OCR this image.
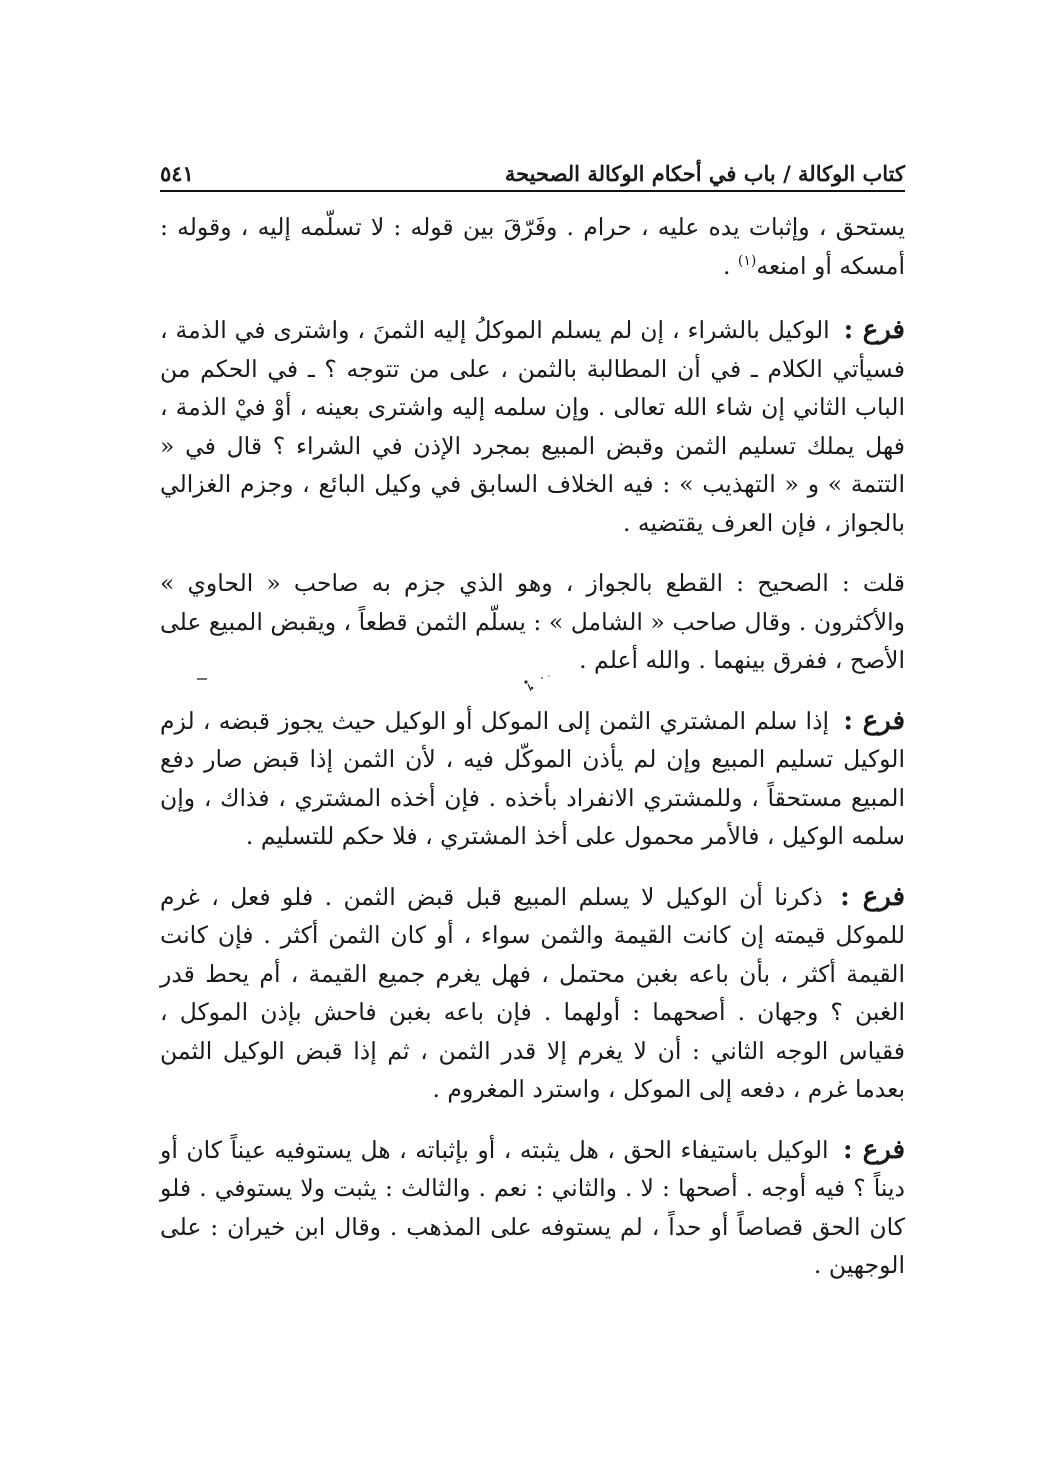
كتاب الوكالة / باب في أحكام الوكالة الصحيحة
٥٤١

يستحق ، وإثبات يده عليه ، حرام . وفَرّقَ بين قوله : لا تسلّمه إليه ، وقوله : أمسكه أو امنعه$^{(١)}$ .

فرع : الوكيل بالشراء ، إن لم يسلم الموكلُ إليه الثمنَ ، واشترى في الذمة ، فسيأتي الكلام ـ في أن المطالبة بالثمن ، على من تتوجه ؟ ـ في الحكم من الباب الثاني إن شاء الله تعالى . وإن سلمه إليه واشترى بعينه ، أوْ فيْ الذمة ، فهل يملك تسليم الثمن وقبض المبيع بمجرد الإذن في الشراء ؟ قال في « التتمة » و « التهذيب » : فيه الخلاف السابق في وكيل البائع ، وجزم الغزالي بالجواز ، فإن العرف يقتضيه .

قلت : الصحيح : القطع بالجواز ، وهو الذي جزم به صاحب « الحاوي » والأكثرون . وقال صاحب « الشامل » : يسلّم الثمن قطعاً ، ويقبض المبيع على الأصح ، ففرق بينهما . والله أعلم .

فرع : إذا سلم المشتري الثمن إلى الموكل أو الوكيل حيث يجوز قبضه ، لزم الوكيل تسليم المبيع وإن لم يأذن الموكّل فيه ، لأن الثمن إذا قبض صار دفع المبيع مستحقاً ، وللمشتري الانفراد بأخذه . فإن أخذه المشتري ، فذاك ، وإن سلمه الوكيل ، فالأمر محمول على أخذ المشتري ، فلا حكم للتسليم .

فرع : ذكرنا أن الوكيل لا يسلم المبيع قبل قبض الثمن . فلو فعل ، غرم للموكل قيمته إن كانت القيمة والثمن سواء ، أو كان الثمن أكثر . فإن كانت القيمة أكثر ، بأن باعه بغبن محتمل ، فهل يغرم جميع القيمة ، أم يحط قدر الغبن ؟ وجهان . أصحهما : أولهما . فإن باعه بغبن فاحش بإذن الموكل ، فقياس الوجه الثاني : أن لا يغرم إلا قدر الثمن ، ثم إذا قبض الوكيل الثمن بعدما غرم ، دفعه إلى الموكل ، واسترد المغروم .

فرع : الوكيل باستيفاء الحق ، هل يثبته ، أو بإثباته ، هل يستوفيه عيناً كان أو ديناً ؟ فيه أوجه . أصحها : لا . والثاني : نعم . والثالث : يثبت ولا يستوفي . فلو كان الحق قصاصاً أو حداً ، لم يستوفه على المذهب . وقال ابن خيران : على الوجهين .
